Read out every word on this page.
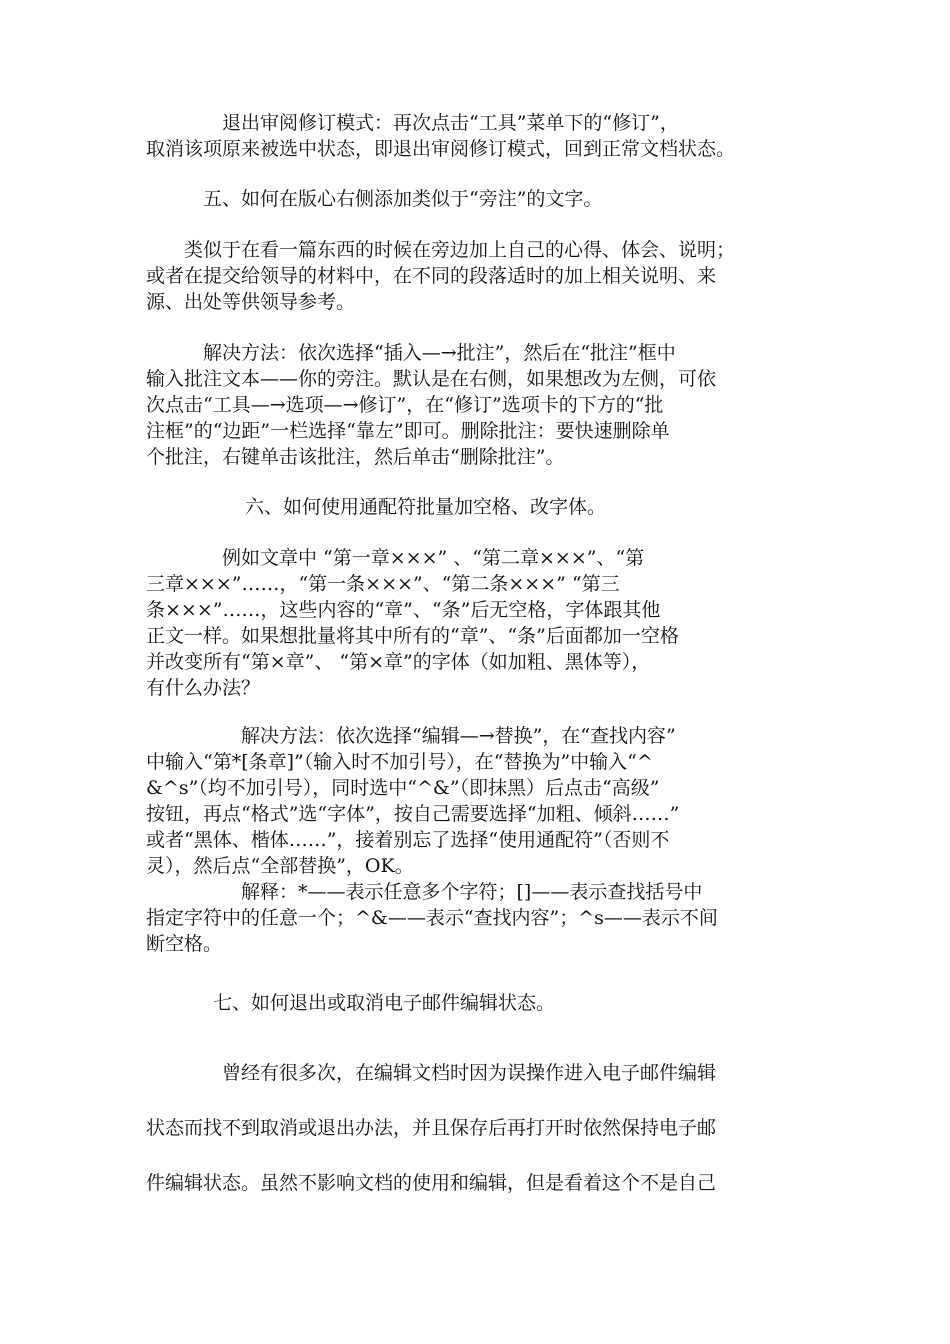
　　　　退出审阅修订模式：再次点击“工具”菜单下的“修订”，
取消该项原来被选中状态，即退出审阅修订模式，回到正常文档状态。
五、如何在版心右侧添加类似于“旁注”的文字。
　　类似于在看一篇东西的时候在旁边加上自己的心得、体会、说明；
或者在提交给领导的材料中，在不同的段落适时的加上相关说明、来
源、出处等供领导参考。
　　　解决方法：依次选择“插入—→批注”，然后在“批注”框中
输入批注文本——你的旁注。默认是在右侧，如果想改为左侧，可依
次点击“工具—→选项—→修订”，在“修订”选项卡的下方的“批
注框”的“边距”一栏选择“靠左”即可。删除批注：要快速删除单
个批注，右键单击该批注，然后单击“删除批注”。
六、如何使用通配符批量加空格、改字体。
　　　　例如文章中 “第一章×××” 、“第二章×××”、“第
三章×××”……，“第一条×××”、“第二条×××” “第三
条×××”……，这些内容的“章”、“条”后无空格，字体跟其他
正文一样。如果想批量将其中所有的“章”、“条”后面都加一空格
并改变所有“第×章”、 “第×章”的字体（如加粗、黑体等），
有什么办法？
　　　　　解决方法：依次选择“编辑—→替换”，在“查找内容”
中输入“第*[条章]”（输入时不加引号），在“替换为”中输入“^
&^s”（均不加引号），同时选中“^&”（即抹黑）后点击“高级”
按钮，再点“格式”选“字体”，按自己需要选择“加粗、倾斜……”
或者“黑体、楷体……”，接着别忘了选择“使用通配符”（否则不
灵），然后点“全部替换”，OK。
　　　　　解释：*——表示任意多个字符；[]——表示查找括号中
指定字符中的任意一个；^&——表示“查找内容”；^s——表示不间
断空格。
七、如何退出或取消电子邮件编辑状态。
　　　　曾经有很多次，在编辑文档时因为误操作进入电子邮件编辑
状态而找不到取消或退出办法，并且保存后再打开时依然保持电子邮
件编辑状态。虽然不影响文档的使用和编辑，但是看着这个不是自己
